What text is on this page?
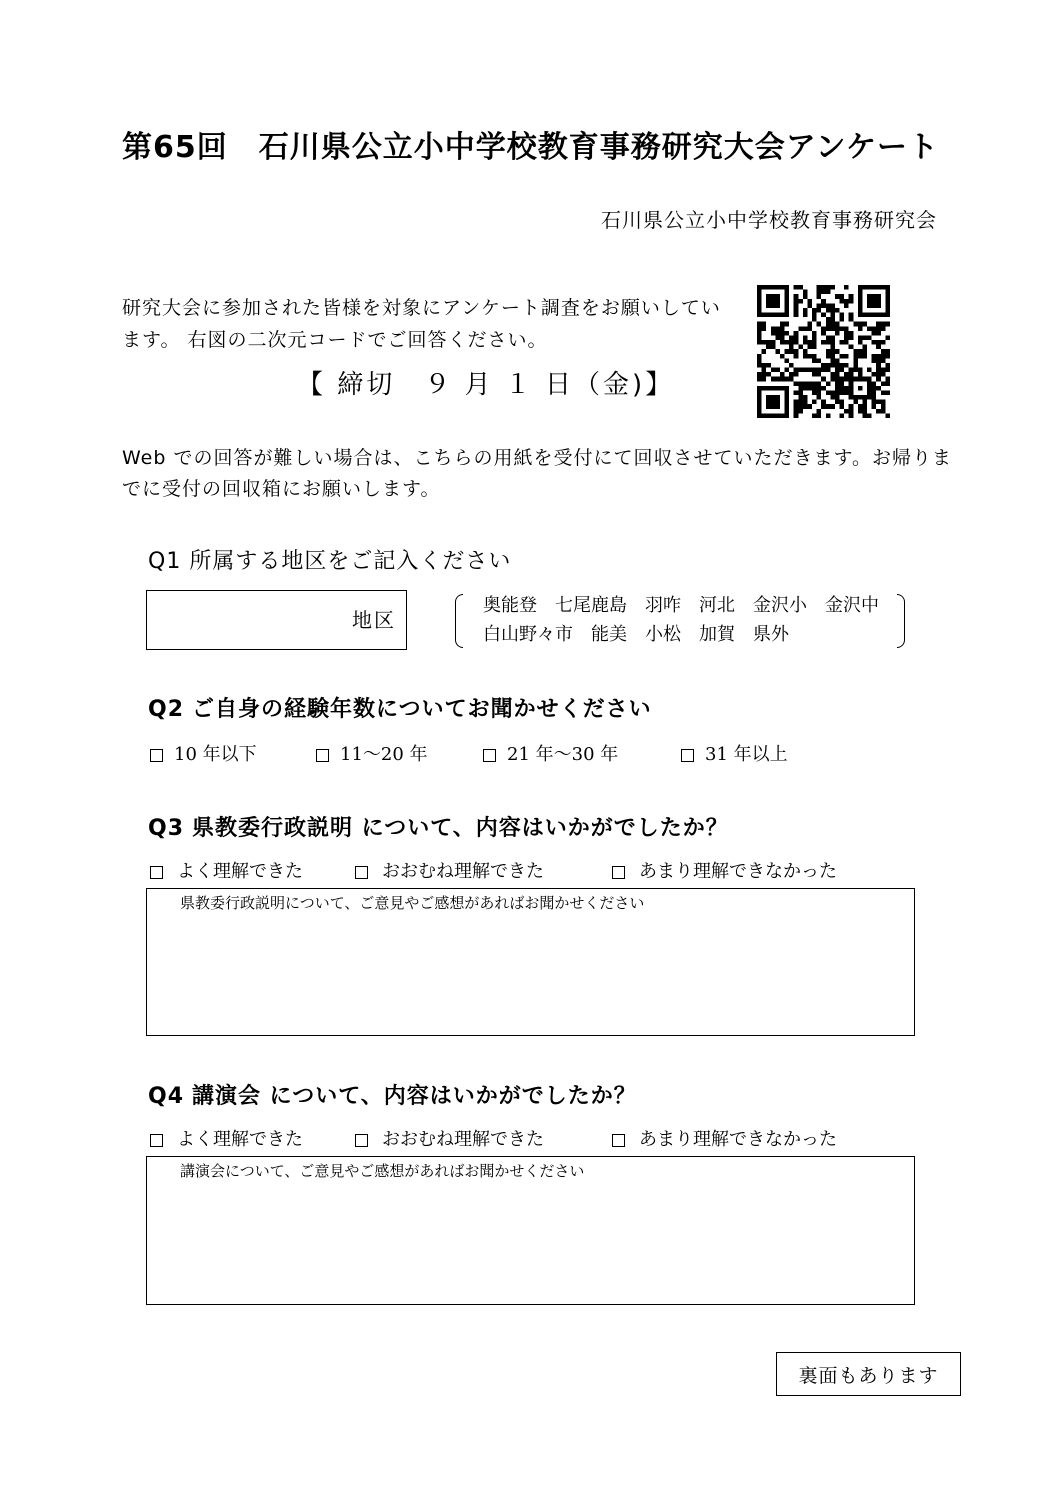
第65回　石川県公立小中学校教育事務研究大会アンケート
石川県公立小中学校教育事務研究会
研究大会に参加された皆様を対象にアンケート調査をお願いしてい
ます。 右図の二次元コードでご回答ください。
【 締切　９ 月 １ 日（金)】
Web での回答が難しい場合は、こちらの用紙を受付にて回収させていただきます。お帰りま
でに受付の回収箱にお願いします。
Q1 所属する地区をご記入ください
地区
奥能登 七尾鹿島 羽咋 河北 金沢小 金沢中
白山野々市 能美 小松 加賀 県外
Q2 ご自身の経験年数についてお聞かせください
10 年以下	11～20 年	21 年～30 年	31 年以上
Q3 県教委行政説明 について、内容はいかがでしたか？
よく理解できた	おおむね理解できた	あまり理解できなかった
県教委行政説明について、ご意見やご感想があればお聞かせください
Q4 講演会 について、内容はいかがでしたか？
よく理解できた	おおむね理解できた	あまり理解できなかった
講演会について、ご意見やご感想があればお聞かせください
裏面もあります
